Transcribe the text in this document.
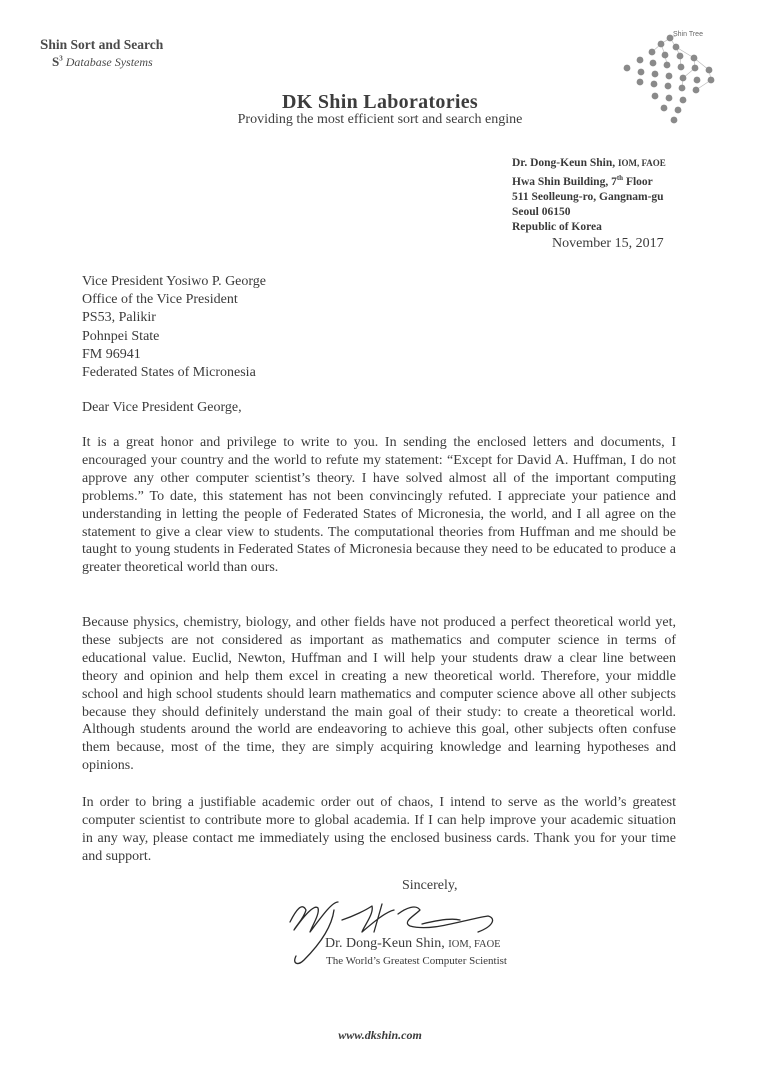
Shin Sort and Search
$S^3$ Database Systems
Shin Tree
DK Shin Laboratories
Providing the most efficient sort and search engine
Dr. Dong-Keun Shin, IOM, FAOE
Hwa Shin Building, 7th Floor
511 Seolleung-ro, Gangnam-gu
Seoul 06150
Republic of Korea
November 15, 2017
Vice President Yosiwo P. George
Office of the Vice President
PS53, Palikir
Pohnpei State
FM 96941
Federated States of Micronesia
Dear Vice President George,
It is a great honor and privilege to write to you. In sending the enclosed letters and documents, I encouraged your country and the world to refute my statement: “Except for David A. Huffman, I do not approve any other computer scientist’s theory. I have solved almost all of the important computing problems.” To date, this statement has not been convincingly refuted. I appreciate your patience and understanding in letting the people of Federated States of Micronesia, the world, and I all agree on the statement to give a clear view to students. The computational theories from Huffman and me should be taught to young students in Federated States of Micronesia because they need to be educated to produce a greater theoretical world than ours.
Because physics, chemistry, biology, and other fields have not produced a perfect theoretical world yet, these subjects are not considered as important as mathematics and computer science in terms of educational value. Euclid, Newton, Huffman and I will help your students draw a clear line between theory and opinion and help them excel in creating a new theoretical world. Therefore, your middle school and high school students should learn mathematics and computer science above all other subjects because they should definitely understand the main goal of their study: to create a theoretical world. Although students around the world are endeavoring to achieve this goal, other subjects often confuse them because, most of the time, they are simply acquiring knowledge and learning hypotheses and opinions.
In order to bring a justifiable academic order out of chaos, I intend to serve as the world’s greatest computer scientist to contribute more to global academia. If I can help improve your academic situation in any way, please contact me immediately using the enclosed business cards. Thank you for your time and support.
Sincerely,
Dr. Dong-Keun Shin, IOM, FAOE
The World’s Greatest Computer Scientist
www.dkshin.com
